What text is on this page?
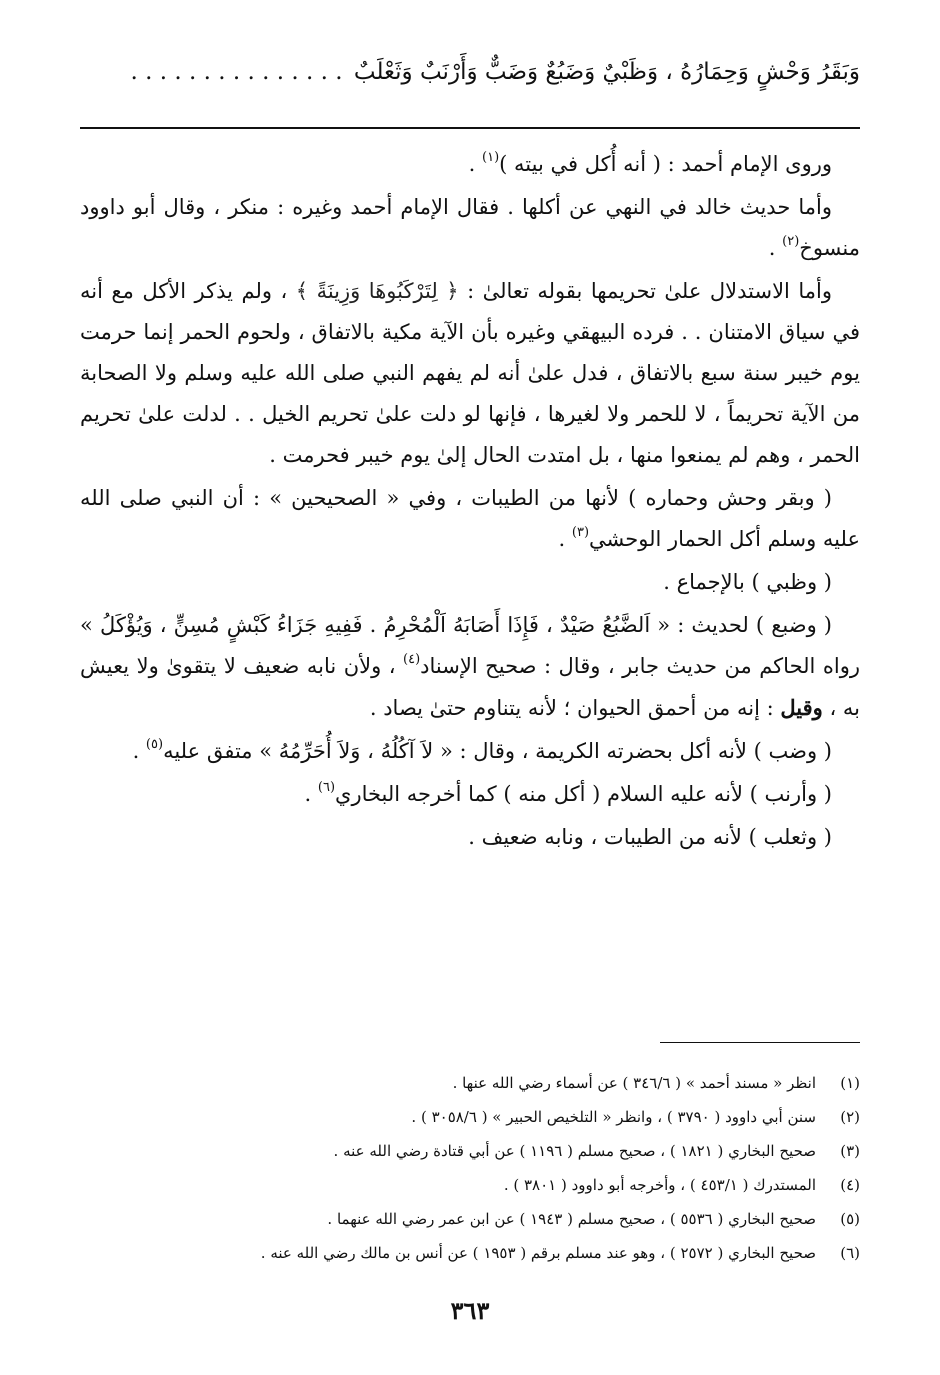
وَبَقَرُ وَحْشٍ وَحِمَارُهُ ، وَظَبْيٌ وَضَبُعٌ وَضَبٌّ وَأَرْنَبٌ وَثَعْلَبٌ . . . . . . . . . . . . . . .

وروى الإمام أحمد : ( أنه أُكل في بيته )$^{(١)}$ .

وأما حديث خالد في النهي عن أكلها . فقال الإمام أحمد وغيره : منكر ، وقال أبو داوود منسوخ$^{(٢)}$ .

وأما الاستدلال علىٰ تحريمها بقوله تعالىٰ : ﴿ لِتَرْكَبُوهَا وَزِينَةً ﴾ ، ولم يذكر الأكل مع أنه في سياق الامتنان . . فرده البيهقي وغيره بأن الآية مكية بالاتفاق ، ولحوم الحمر إنما حرمت يوم خيبر سنة سبع بالاتفاق ، فدل علىٰ أنه لم يفهم النبي صلى الله عليه وسلم ولا الصحابة من الآية تحريماً ، لا للحمر ولا لغيرها ، فإنها لو دلت علىٰ تحريم الخيل . . لدلت علىٰ تحريم الحمر ، وهم لم يمنعوا منها ، بل امتدت الحال إلىٰ يوم خيبر فحرمت .

( وبقر وحش وحماره ) لأنها من الطيبات ، وفي « الصحيحين » : أن النبي صلى الله عليه وسلم أكل الحمار الوحشي$^{(٣)}$ .

( وظبي ) بالإجماع .

( وضبع ) لحديث : « اَلضَّبُعُ صَيْدٌ ، فَإِذَا أَصَابَهُ اَلْمُحْرِمُ . فَفِيهِ جَزَاءُ كَبْشٍ مُسِنٍّ ، وَيُؤْكَلُ » رواه الحاكم من حديث جابر ، وقال : صحيح الإسناد$^{(٤)}$ ، ولأن نابه ضعيف لا يتقوىٰ ولا يعيش به ، وقيل : إنه من أحمق الحيوان ؛ لأنه يتناوم حتىٰ يصاد .

( وضب ) لأنه أكل بحضرته الكريمة ، وقال : « لاَ آكُلُهُ ، وَلاَ أُحَرِّمُهُ » متفق عليه$^{(٥)}$ .

( وأرنب ) لأنه عليه السلام ( أكل منه ) كما أخرجه البخاري$^{(٦)}$ .

( وثعلب ) لأنه من الطيبات ، ونابه ضعيف .

(١)انظر « مسند أحمد » ( ٣٤٦/٦ ) عن أسماء رضي الله عنها .
(٢)سنن أبي داوود ( ٣٧٩٠ ) ، وانظر « التلخيص الحبير » ( ٣٠٥٨/٦ ) .
(٣)صحيح البخاري ( ١٨٢١ ) ، صحيح مسلم ( ١١٩٦ ) عن أبي قتادة رضي الله عنه .
(٤)المستدرك ( ٤٥٣/١ ) ، وأخرجه أبو داوود ( ٣٨٠١ ) .
(٥)صحيح البخاري ( ٥٥٣٦ ) ، صحيح مسلم ( ١٩٤٣ ) عن ابن عمر رضي الله عنهما .
(٦)صحيح البخاري ( ٢٥٧٢ ) ، وهو عند مسلم برقم ( ١٩٥٣ ) عن أنس بن مالك رضي الله عنه .
٣٦٣
